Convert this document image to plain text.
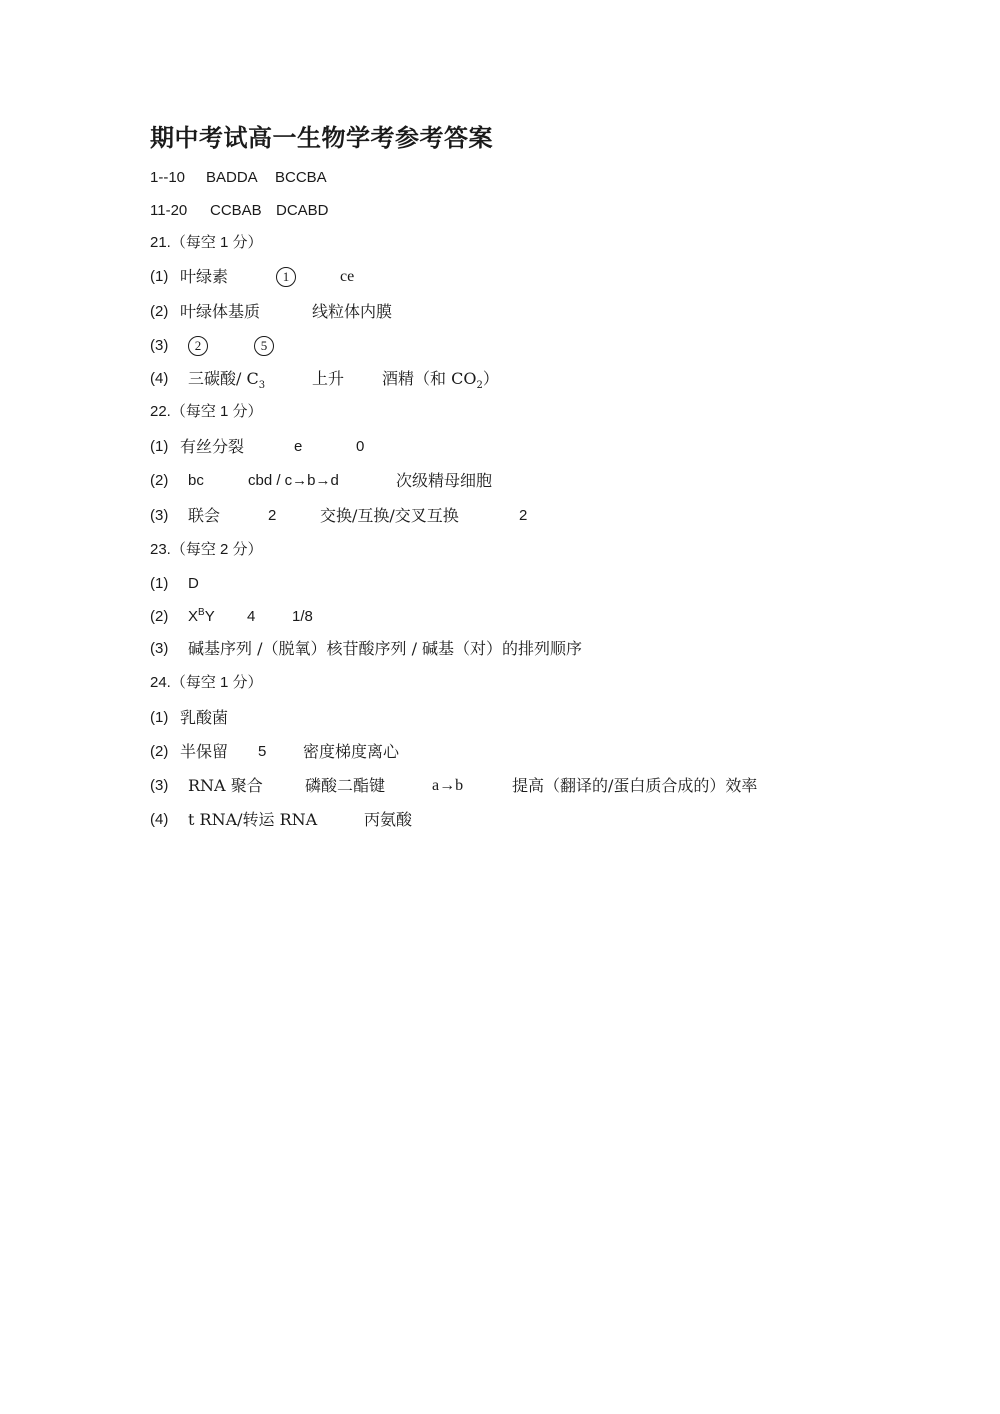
期中考试高一生物学考参考答案
1--10 BADDA BCCBA
11-20 CCBAB DCABD
21.（每空 1 分）
(1) 叶绿素	1	ce
(2) 叶绿体基质	线粒体内膜
(3)	2	5
(4) 三碳酸/ $C_3$	上升 酒精（和 $CO_2$）
22.（每空 1 分）
(1) 有丝分裂	e	0
(2) bc	cbd / c→b→d	次级精母细胞
(3) 联会	2	交换/互换/交叉互换	2
23.（每空 2 分）
(1) D
(2) $X^BY$ 4 1/8
(3) 碱基序列 /（脱氧）核苷酸序列 / 碱基（对）的排列顺序
24.（每空 1 分）
(1) 乳酸菌
(2) 半保留 5 密度梯度离心
(3) RNA 聚合	磷酸二酯键	a→b	提高（翻译的/蛋白质合成的）效率
(4) t RNA/转运 RNA	丙氨酸
